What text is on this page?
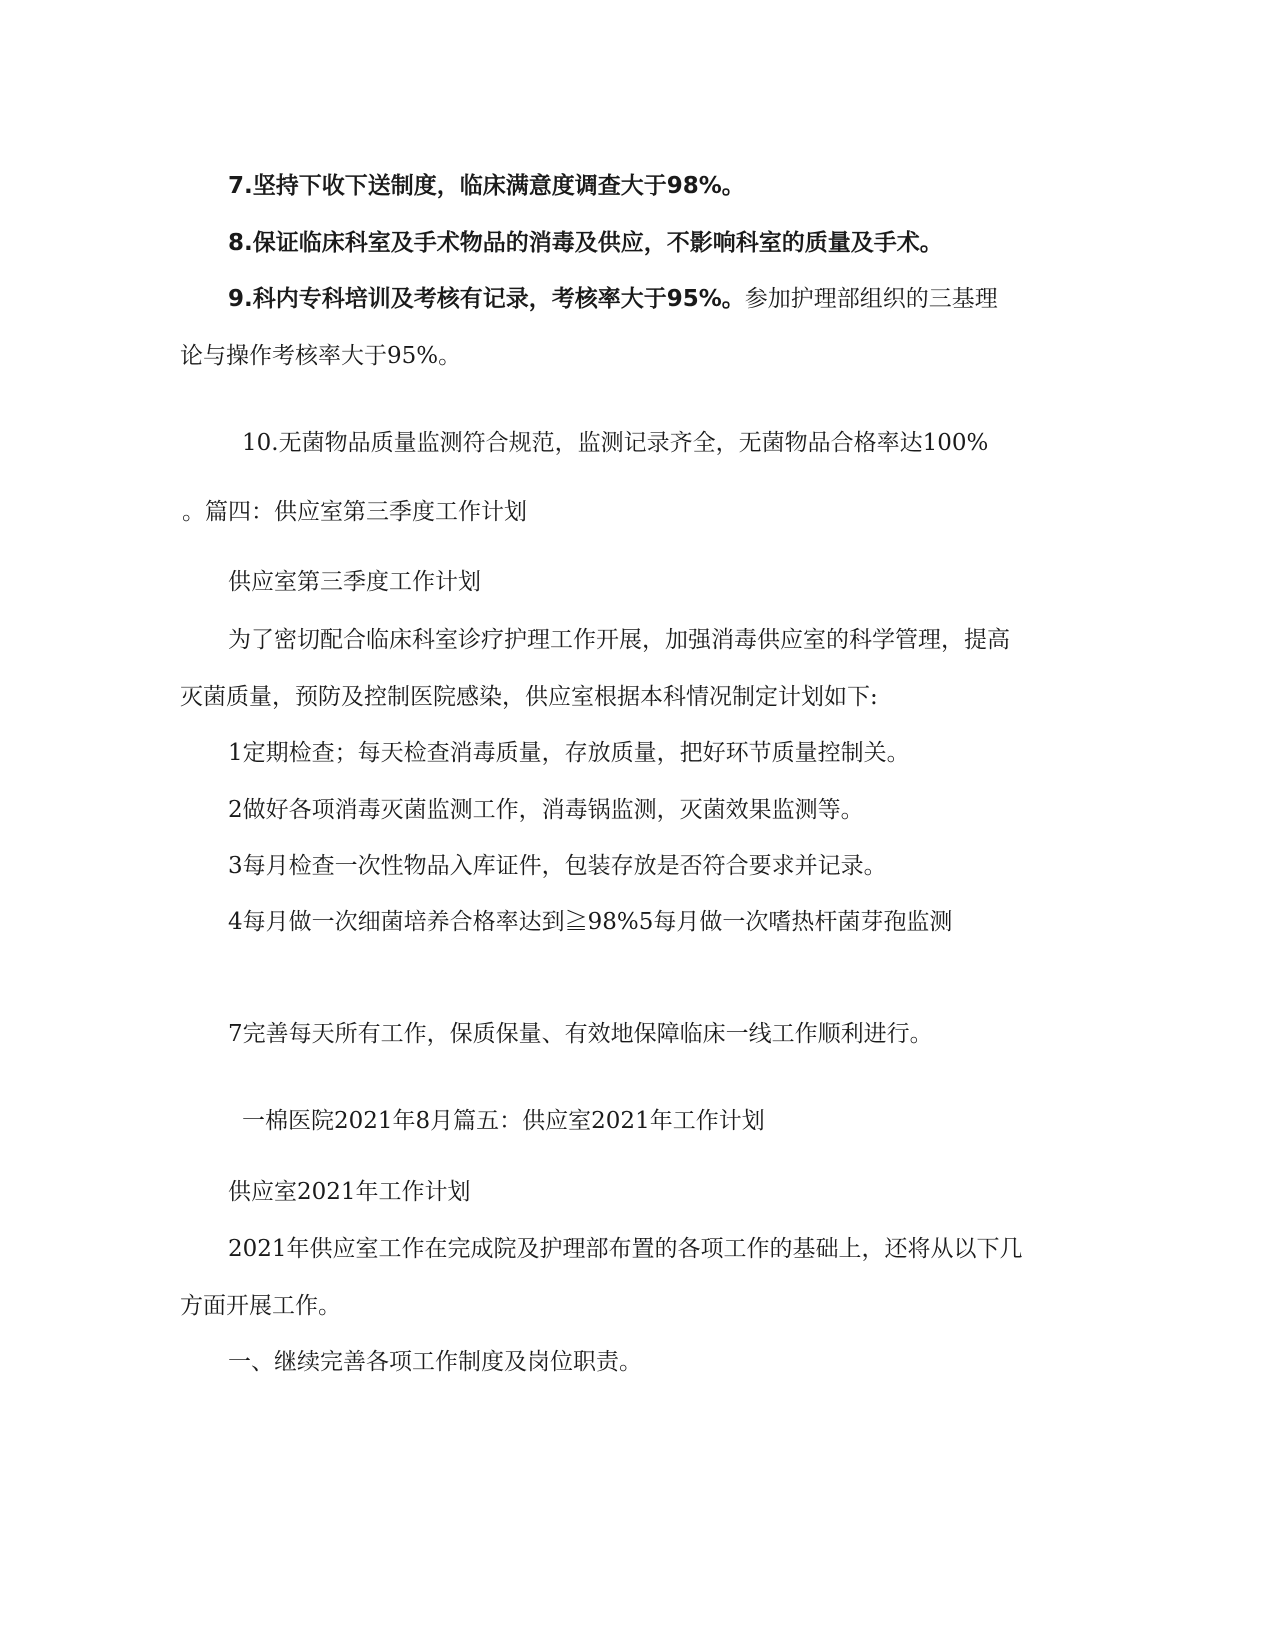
7.坚持下收下送制度，临床满意度调查大于98%。
8.保证临床科室及手术物品的消毒及供应，不影响科室的质量及手术。
9.科内专科培训及考核有记录，考核率大于95%。参加护理部组织的三基理
论与操作考核率大于95%。
10.无菌物品质量监测符合规范，监测记录齐全，无菌物品合格率达100%
。篇四：供应室第三季度工作计划
供应室第三季度工作计划
为了密切配合临床科室诊疗护理工作开展，加强消毒供应室的科学管理，提高
灭菌质量，预防及控制医院感染，供应室根据本科情况制定计划如下:
1定期检查；每天检查消毒质量，存放质量，把好环节质量控制关。
2做好各项消毒灭菌监测工作，消毒锅监测，灭菌效果监测等。
3每月检查一次性物品入库证件，包装存放是否符合要求并记录。
4每月做一次细菌培养合格率达到≧98%5每月做一次嗜热杆菌芽孢监测
7完善每天所有工作，保质保量、有效地保障临床一线工作顺利进行。
一棉医院2021年8月篇五：供应室2021年工作计划
供应室2021年工作计划
2021年供应室工作在完成院及护理部布置的各项工作的基础上，还将从以下几
方面开展工作。
一、继续完善各项工作制度及岗位职责。
